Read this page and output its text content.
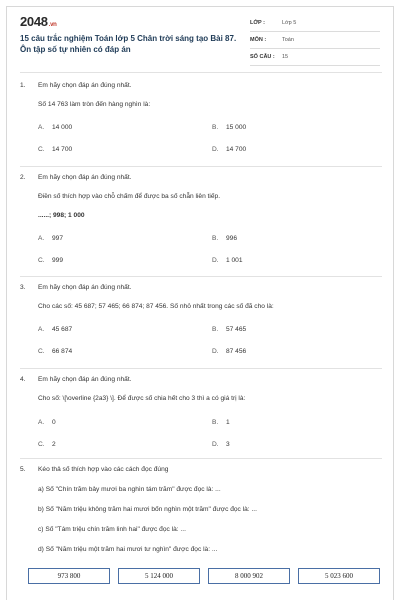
2048.vn
15 câu trắc nghiệm Toán lớp 5 Chân trời sáng tạo Bài 87.
Ôn tập số tự nhiên có đáp án
LỚP :	Lớp 5
MÔN :	Toán
SỐ CÂU :	15
1. Em hãy chọn đáp án đúng nhất.
Số 14 763 làm tròn đến hàng nghìn là:
A. 14 000	B. 15 000
C. 14 700	D. 14 700
2. Em hãy chọn đáp án đúng nhất.
Điền số thích hợp vào chỗ chấm để được ba số chẵn liên tiếp.
......; 998; 1 000
A. 997	B. 996
C. 999	D. 1 001
3. Em hãy chọn đáp án đúng nhất.
Cho các số: 45 687; 57 465; 66 874; 87 456. Số nhỏ nhất trong các số đã cho là:
A. 45 687	B. 57 465
C. 66 874	D. 87 456
4. Em hãy chọn đáp án đúng nhất.
Cho số: \[\overline {2a3} \]. Để được số chia hết cho 3 thì a có giá trị là:
A. 0	B. 1
C. 2	D. 3
5. Kéo thả số thích hợp vào các cách đọc đúng
a) Số "Chín trăm bảy mươi ba nghìn tám trăm" được đọc là: ...
b) Số "Năm triệu không trăm hai mươi bốn nghìn một trăm" được đọc là: ...
c) Số "Tám triệu chín trăm linh hai" được đọc là: ...
d) Số "Năm triệu một trăm hai mươi tư nghìn" được đọc là: ...
973 800	5 124 000	8 000 902	5 023 600
